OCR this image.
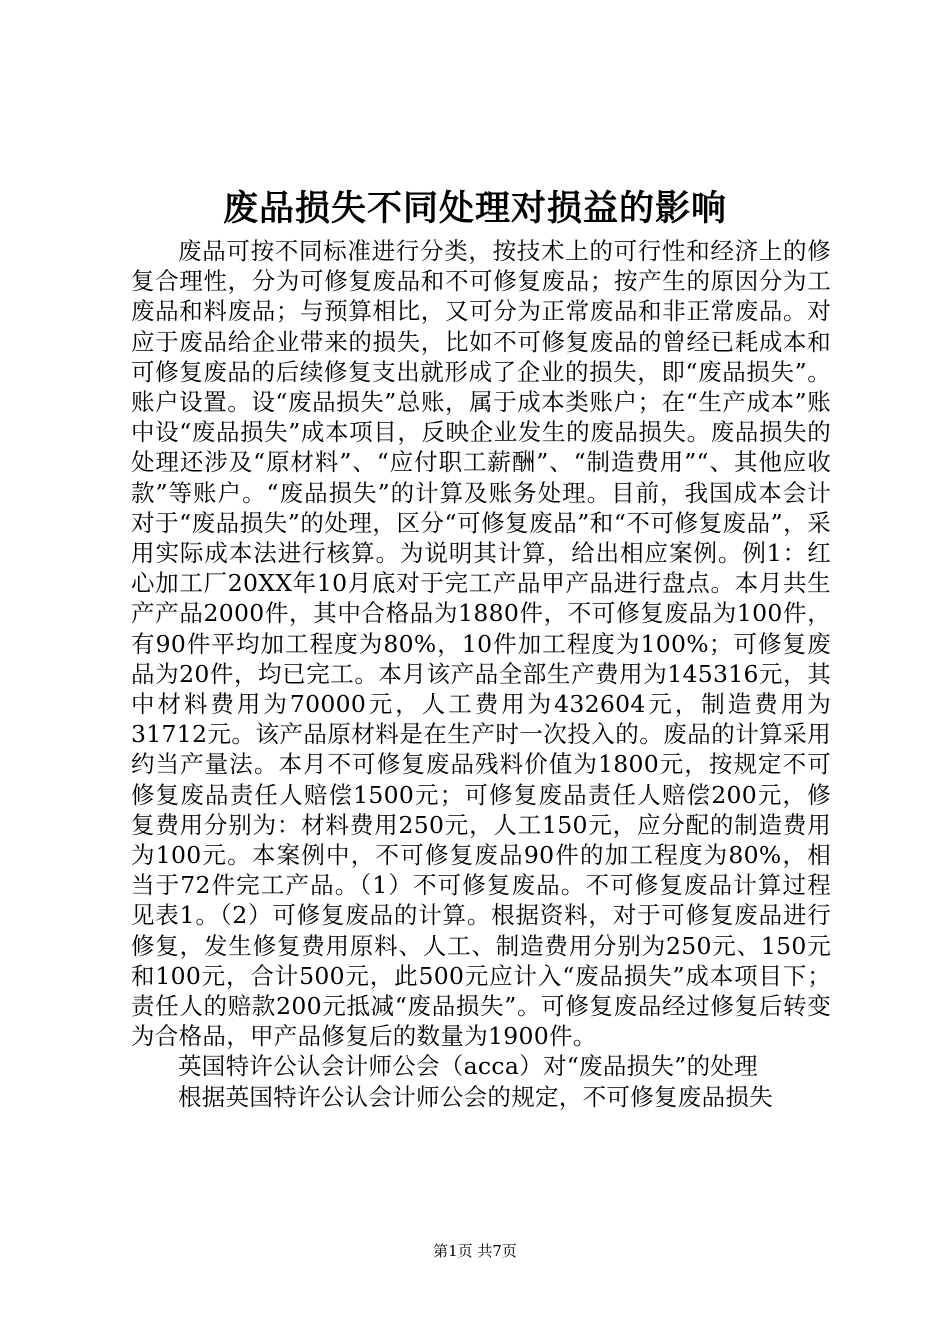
废品损失不同处理对损益的影响

废品可按不同标准进行分类，按技术上的可行性和经济上的修复合理性，分为可修复废品和不可修复废品；按产生的原因分为工废品和料废品；与预算相比，又可分为正常废品和非正常废品。对应于废品给企业带来的损失，比如不可修复废品的曾经已耗成本和可修复废品的后续修复支出就形成了企业的损失，即“废品损失”。账户设置。设“废品损失”总账，属于成本类账户；在“生产成本”账中设“废品损失”成本项目，反映企业发生的废品损失。废品损失的处理还涉及“原材料”、“应付职工薪酬”、“制造费用”“、其他应收款”等账户。“废品损失”的计算及账务处理。目前，我国成本会计对于“废品损失”的处理，区分“可修复废品”和“不可修复废品”，采用实际成本法进行核算。为说明其计算，给出相应案例。例1：红心加工厂20XX年10月底对于完工产品甲产品进行盘点。本月共生产产品2000件，其中合格品为1880件，不可修复废品为100件，有90件平均加工程度为80%，10件加工程度为100%；可修复废品为20件，均已完工。本月该产品全部生产费用为145316元，其中材料费用为70000元，人工费用为432604元，制造费用为31712元。该产品原材料是在生产时一次投入的。废品的计算采用约当产量法。本月不可修复废品残料价值为1800元，按规定不可修复废品责任人赔偿1500元；可修复废品责任人赔偿200元，修复费用分别为：材料费用250元，人工150元，应分配的制造费用为100元。本案例中，不可修复废品90件的加工程度为80%，相当于72件完工产品。（1）不可修复废品。不可修复废品计算过程见表1。（2）可修复废品的计算。根据资料，对于可修复废品进行修复，发生修复费用原料、人工、制造费用分别为250元、150元和100元，合计500元，此500元应计入“废品损失”成本项目下；责任人的赔款200元抵减“废品损失”。可修复废品经过修复后转变为合格品，甲产品修复后的数量为1900件。

英国特许公认会计师公会（acca）对“废品损失”的处理

根据英国特许公认会计师公会的规定，不可修复废品损失

第1页 共7页
